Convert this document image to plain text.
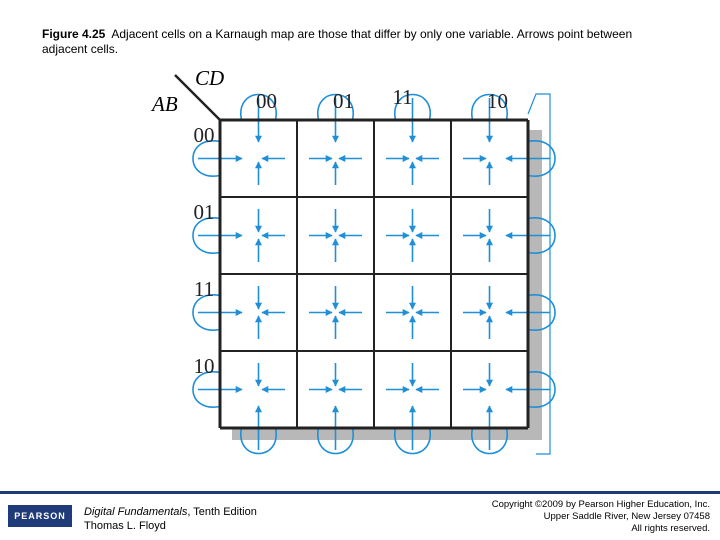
Figure 4.25 Adjacent cells on a Karnaugh map are those that differ by only one variable. Arrows point between adjacent cells.
CD
AB	00	01 11	10
00
01
11
10
PEARSON	Digital Fundamentals, Tenth Edition
Thomas L. Floyd
Copyright ©2009 by Pearson Higher Education, Inc.
Upper Saddle River, New Jersey 07458
All rights reserved.
